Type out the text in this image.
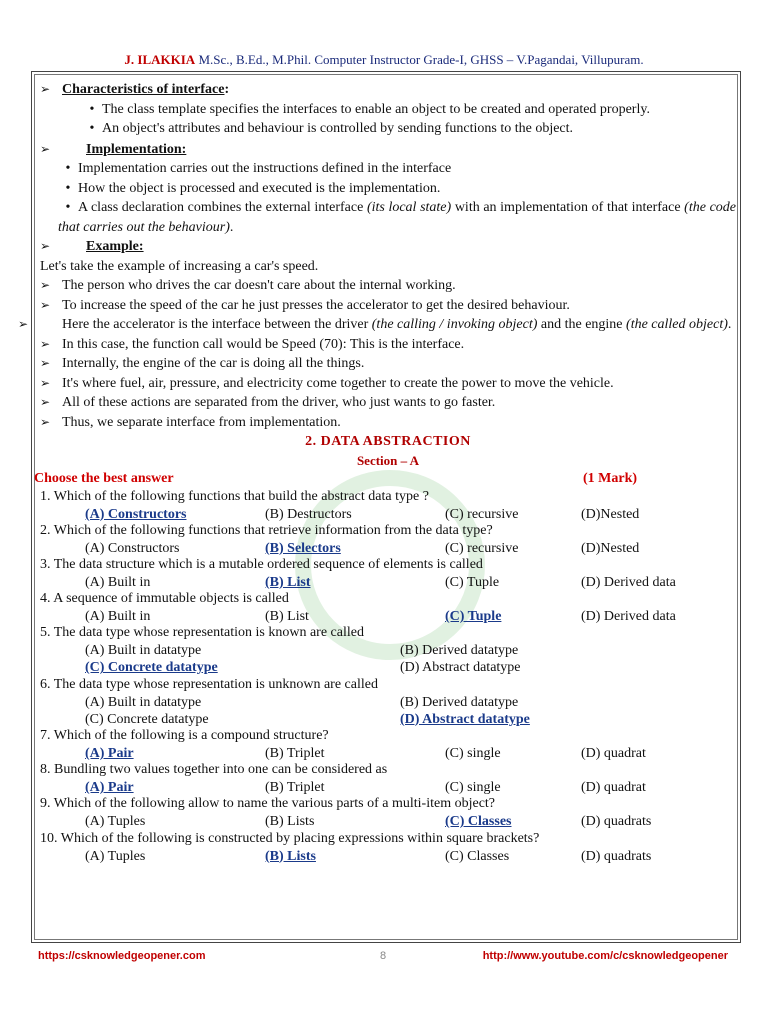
J. ILAKKIA M.Sc., B.Ed., M.Phil. Computer Instructor Grade-I, GHSS – V.Pagandai, Villupuram.
➢ Characteristics of interface:
• The class template specifies the interfaces to enable an object to be created and operated properly.
• An object's attributes and behaviour is controlled by sending functions to the object.
➢	Implementation:
• Implementation carries out the instructions defined in the interface
• How the object is processed and executed is the implementation.
• A class declaration combines the external interface (its local state) with an implementation of that interface (the code that carries out the behaviour).
➢	Example:
Let's take the example of increasing a car's speed.
➢ The person who drives the car doesn't care about the internal working.
➢ To increase the speed of the car he just presses the accelerator to get the desired behaviour.
➢ Here the accelerator is the interface between the driver (the calling / invoking object) and the engine (the called object).
➢ In this case, the function call would be Speed (70): This is the interface.
➢ Internally, the engine of the car is doing all the things.
➢ It's where fuel, air, pressure, and electricity come together to create the power to move the vehicle.
➢ All of these actions are separated from the driver, who just wants to go faster.
➢ Thus, we separate interface from implementation.
2. DATA ABSTRACTION
Section – A
Choose the best answer	(1 Mark)
1. Which of the following functions that build the abstract data type ?
(A) Constructors	(B) Destructors	(C) recursive	(D)Nested
2. Which of the following functions that retrieve information from the data type?
(A) Constructors	(B) Selectors	(C) recursive	(D)Nested
3. The data structure which is a mutable ordered sequence of elements is called
(A) Built in	(B) List	(C) Tuple	(D) Derived data
4. A sequence of immutable objects is called
(A) Built in	(B) List	(C) Tuple	(D) Derived data
5. The data type whose representation is known are called
(A) Built in datatype	(B) Derived datatype
(C) Concrete datatype	(D) Abstract datatype
6. The data type whose representation is unknown are called
(A) Built in datatype	(B) Derived datatype
(C) Concrete datatype	(D) Abstract datatype
7. Which of the following is a compound structure?
(A) Pair	(B) Triplet	(C) single	(D) quadrat
8. Bundling two values together into one can be considered as
(A) Pair	(B) Triplet	(C) single	(D) quadrat
9. Which of the following allow to name the various parts of a multi-item object?
(A) Tuples	(B) Lists	(C) Classes	(D) quadrats
10. Which of the following is constructed by placing expressions within square brackets?
(A) Tuples	(B) Lists	(C) Classes	(D) quadrats
https://csknowledgeopener.com	8	http://www.youtube.com/c/csknowledgeopener
